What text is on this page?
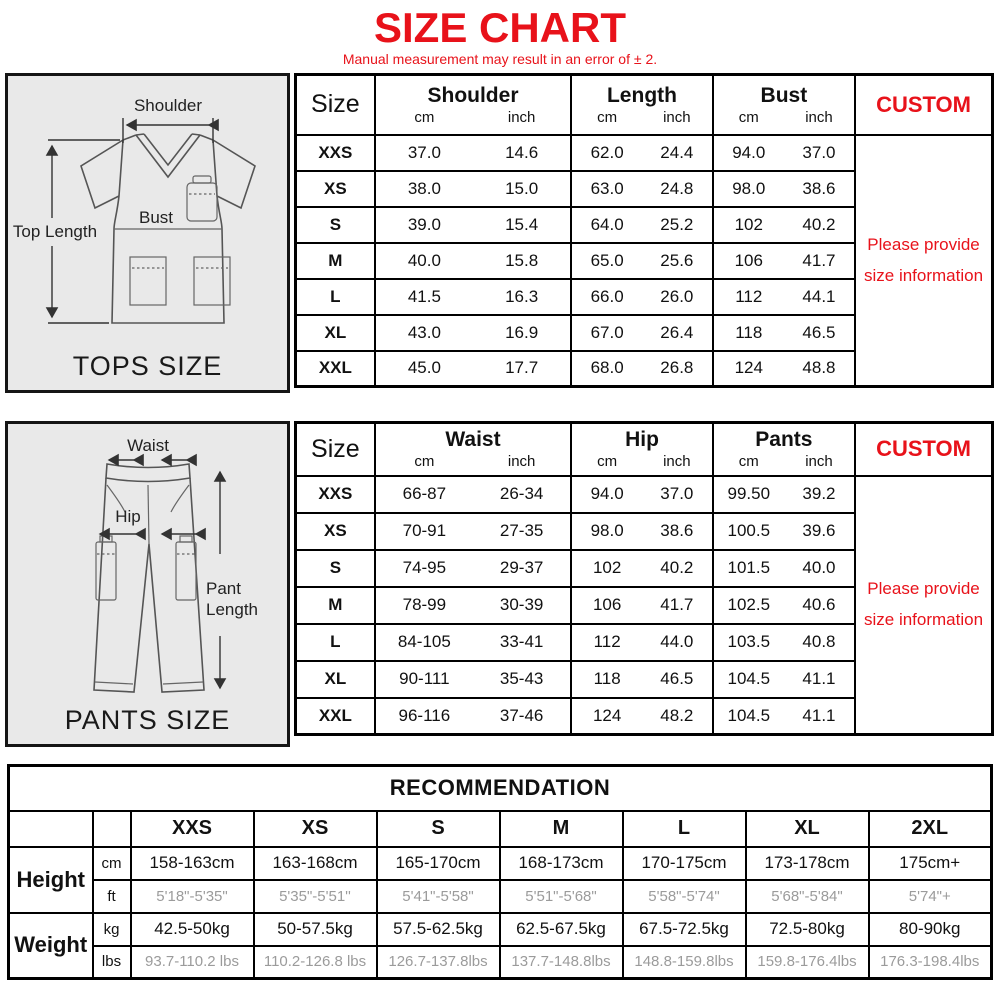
SIZE CHART
Manual measurement may result in an error of ± 2.
Shoulder
Top Length
Bust
TOPS SIZE
Size	Shoulder
cm	inch

Length
cm	inch

Bust
cm	inch
	CUSTOM
XXS	37.0	14.6	62.0	24.4	94.0	37.0

Please provide
size information

XS	38.0 15.0	63.0 24.8	98.0 38.6	

S	39.0 15.4	64.0 25.2	102 40.2	

M	40.0 15.8	65.0 25.6	106 41.7	

L	41.5 16.3	66.0 26.0	112 44.1	

XL	43.0 16.9	67.0 26.4	118 46.5	

XXL	45.0 17.7	68.0 26.8	124 48.8	
Waist
Hip
Pant
Length
PANTS SIZE
Size	Waist
cm	inch

Hip
cm	inch

Pants
cm	inch
	CUSTOM
XXS	66-87	26-34	94.0	37.0	99.50	39.2

Please provide
size information

XS	70-91 27-35	98.0 38.6	100.5 39.6	

S	74-95 29-37	102 40.2	101.5 40.0	

M	78-99 30-39	106 41.7	102.5 40.6	

L	84-105 33-41	112 44.0	103.5 40.8	

XL	90-111 35-43	118 46.5	104.5 41.1	

XXL	96-116 37-46	124 48.2	104.5 41.1	
RECOMMENDATION								
		XXS	XS	S	M	L	XL	2XL
Height	cm	158-163cm	163-168cm	165-170cm	168-173cm	170-175cm	173-178cm	175cm+
	ft	5'18"-5'35"	5'35"-5'51''	5'41"-5'58"	5'51"-5'68"	5'58"-5'74"	5'68"-5'84"	5'74"+
Weight	kg	42.5-50kg	50-57.5kg	57.5-62.5kg	62.5-67.5kg	67.5-72.5kg	72.5-80kg	80-90kg
	lbs	93.7-110.2 lbs	110.2-126.8 lbs	126.7-137.8lbs	137.7-148.8lbs	148.8-159.8lbs	159.8-176.4lbs	176.3-198.4lbs
